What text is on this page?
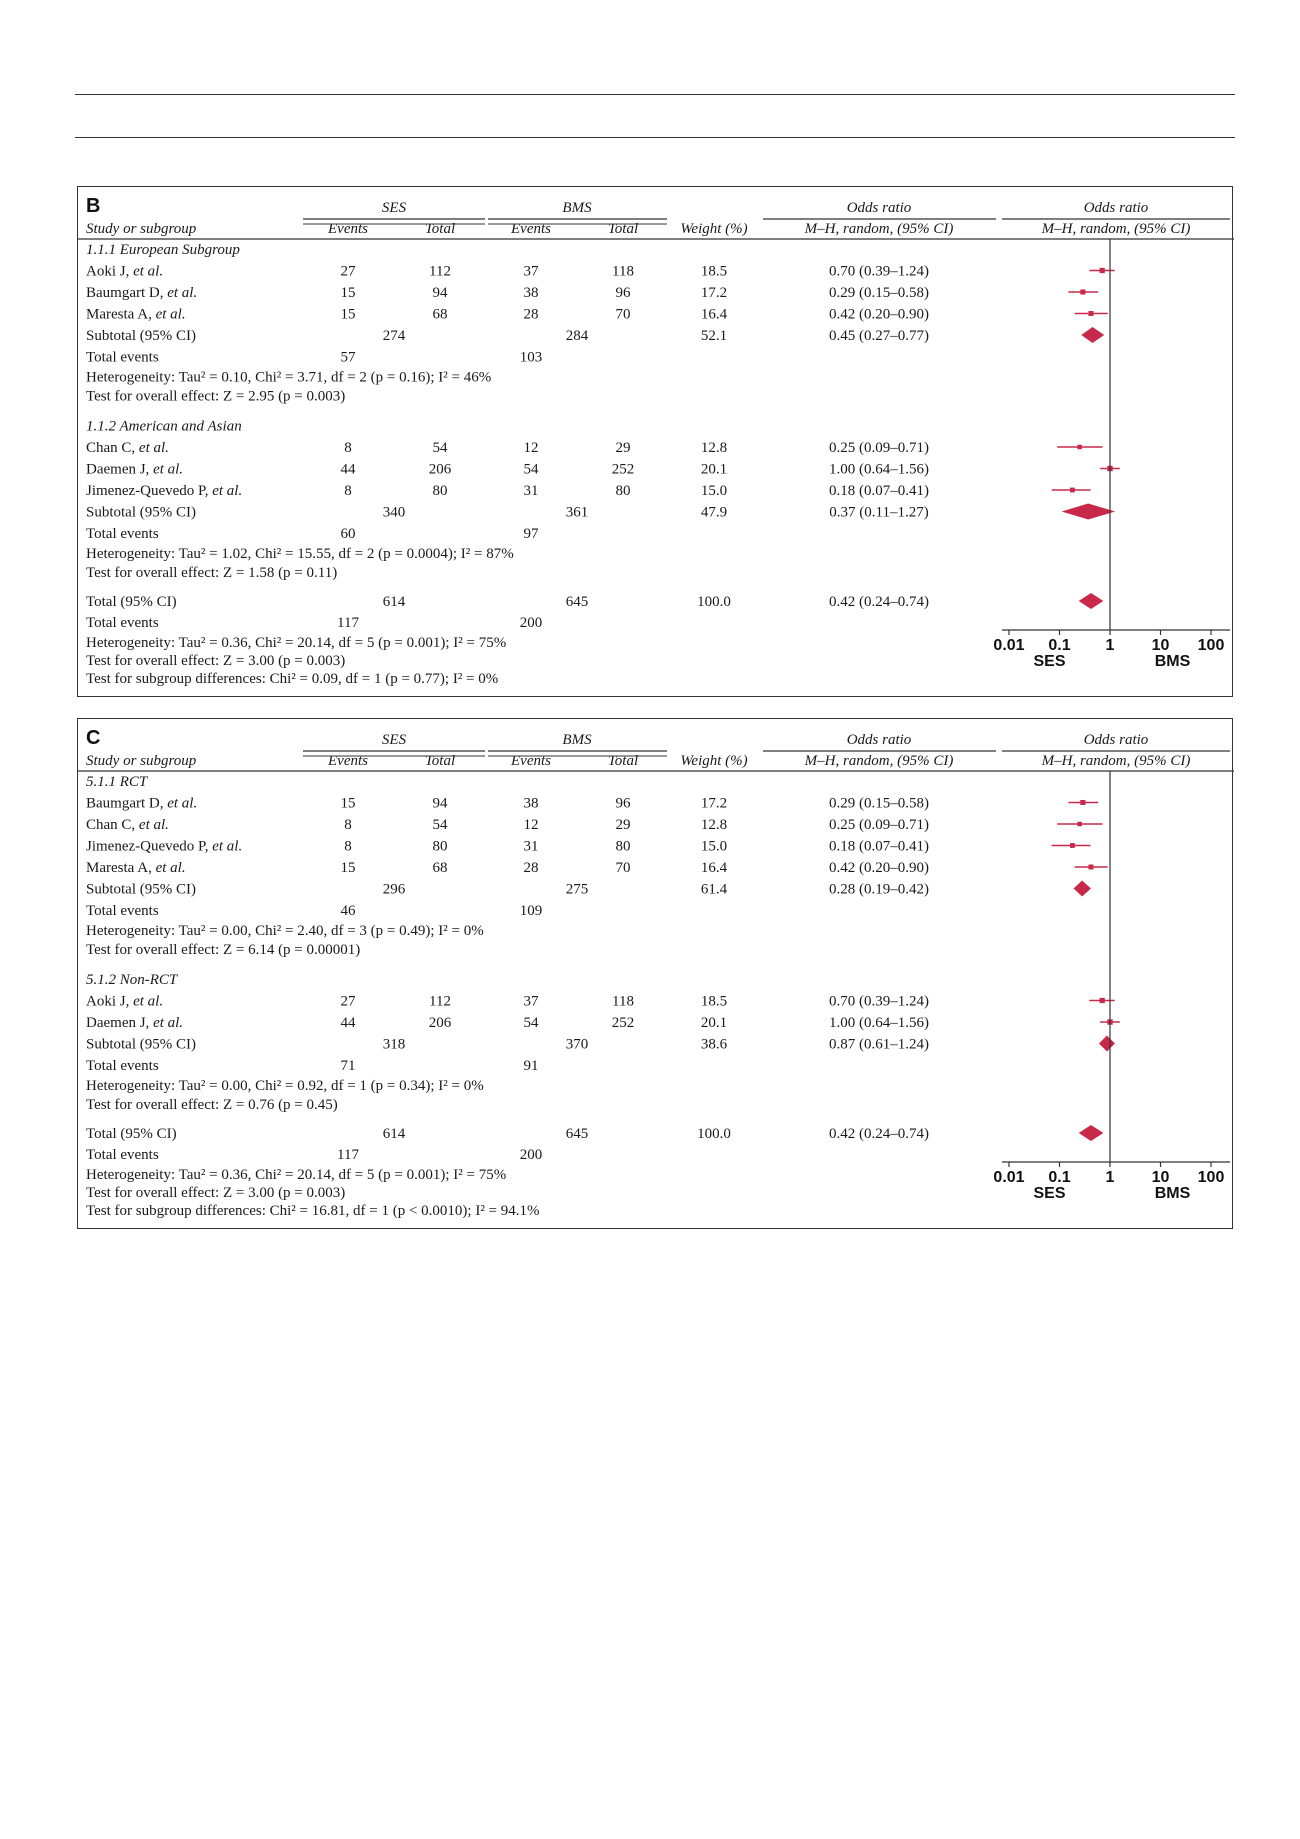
B	SES	BMS	Odds ratio	Odds ratio
Study or subgroup	Events	Total	Events	Total	Weight (%)	M–H, random, (95% CI)	M–H, random, (95% CI)
1.1.1 European Subgroup
Aoki J, et al.	27	112	37	118	18.5	0.70 (0.39–1.24)
Baumgart D, et al.	15	94	38	96	17.2	0.29 (0.15–0.58)
Maresta A, et al.	15	68	28	70	16.4	0.42 (0.20–0.90)
Subtotal (95% CI)	274	284	52.1	0.45 (0.27–0.77)
Total events	57	103
Heterogeneity: Tau² = 0.10, Chi² = 3.71, df = 2 (p = 0.16); I² = 46%
Test for overall effect: Z = 2.95 (p = 0.003)
1.1.2 American and Asian
Chan C, et al.	8	54	12	29	12.8	0.25 (0.09–0.71)
Daemen J, et al.	44	206	54	252	20.1	1.00 (0.64–1.56)
Jimenez-Quevedo P, et al.	8	80	31	80	15.0	0.18 (0.07–0.41)
Subtotal (95% CI)	340	361	47.9	0.37 (0.11–1.27)
Total events	60	97
Heterogeneity: Tau² = 1.02, Chi² = 15.55, df = 2 (p = 0.0004); I² = 87%
Test for overall effect: Z = 1.58 (p = 0.11)
Total (95% CI)	614	645	100.0	0.42 (0.24–0.74)
Total events	117	200
Heterogeneity: Tau² = 0.36, Chi² = 20.14, df = 5 (p = 0.001); I² = 75%
Test for overall effect: Z = 3.00 (p = 0.003)
Test for subgroup differences: Chi² = 0.09, df = 1 (p = 0.77); I² = 0%
0.01 0.1 1 10 100
SES	BMS
C	SES	BMS	Odds ratio	Odds ratio
Study or subgroup	Events	Total	Events	Total	Weight (%)	M–H, random, (95% CI)	M–H, random, (95% CI)
5.1.1 RCT
Baumgart D, et al.	15	94	38	96	17.2	0.29 (0.15–0.58)
Chan C, et al.	8	54	12	29	12.8	0.25 (0.09–0.71)
Jimenez-Quevedo P, et al.	8	80	31	80	15.0	0.18 (0.07–0.41)
Maresta A, et al.	15	68	28	70	16.4	0.42 (0.20–0.90)
Subtotal (95% CI)	296	275	61.4	0.28 (0.19–0.42)
Total events	46	109
Heterogeneity: Tau² = 0.00, Chi² = 2.40, df = 3 (p = 0.49); I² = 0%
Test for overall effect: Z = 6.14 (p = 0.00001)
5.1.2 Non-RCT
Aoki J, et al.	27	112	37	118	18.5	0.70 (0.39–1.24)
Daemen J, et al.	44	206	54	252	20.1	1.00 (0.64–1.56)
Subtotal (95% CI)	318	370	38.6	0.87 (0.61–1.24)
Total events	71	91
Heterogeneity: Tau² = 0.00, Chi² = 0.92, df = 1 (p = 0.34); I² = 0%
Test for overall effect: Z = 0.76 (p = 0.45)
Total (95% CI)	614	645	100.0	0.42 (0.24–0.74)
Total events	117	200
Heterogeneity: Tau² = 0.36, Chi² = 20.14, df = 5 (p = 0.001); I² = 75%
Test for overall effect: Z = 3.00 (p = 0.003)
Test for subgroup differences: Chi² = 16.81, df = 1 (p < 0.0010); I² = 94.1%
0.01 0.1 1 10 100
SES	BMS
